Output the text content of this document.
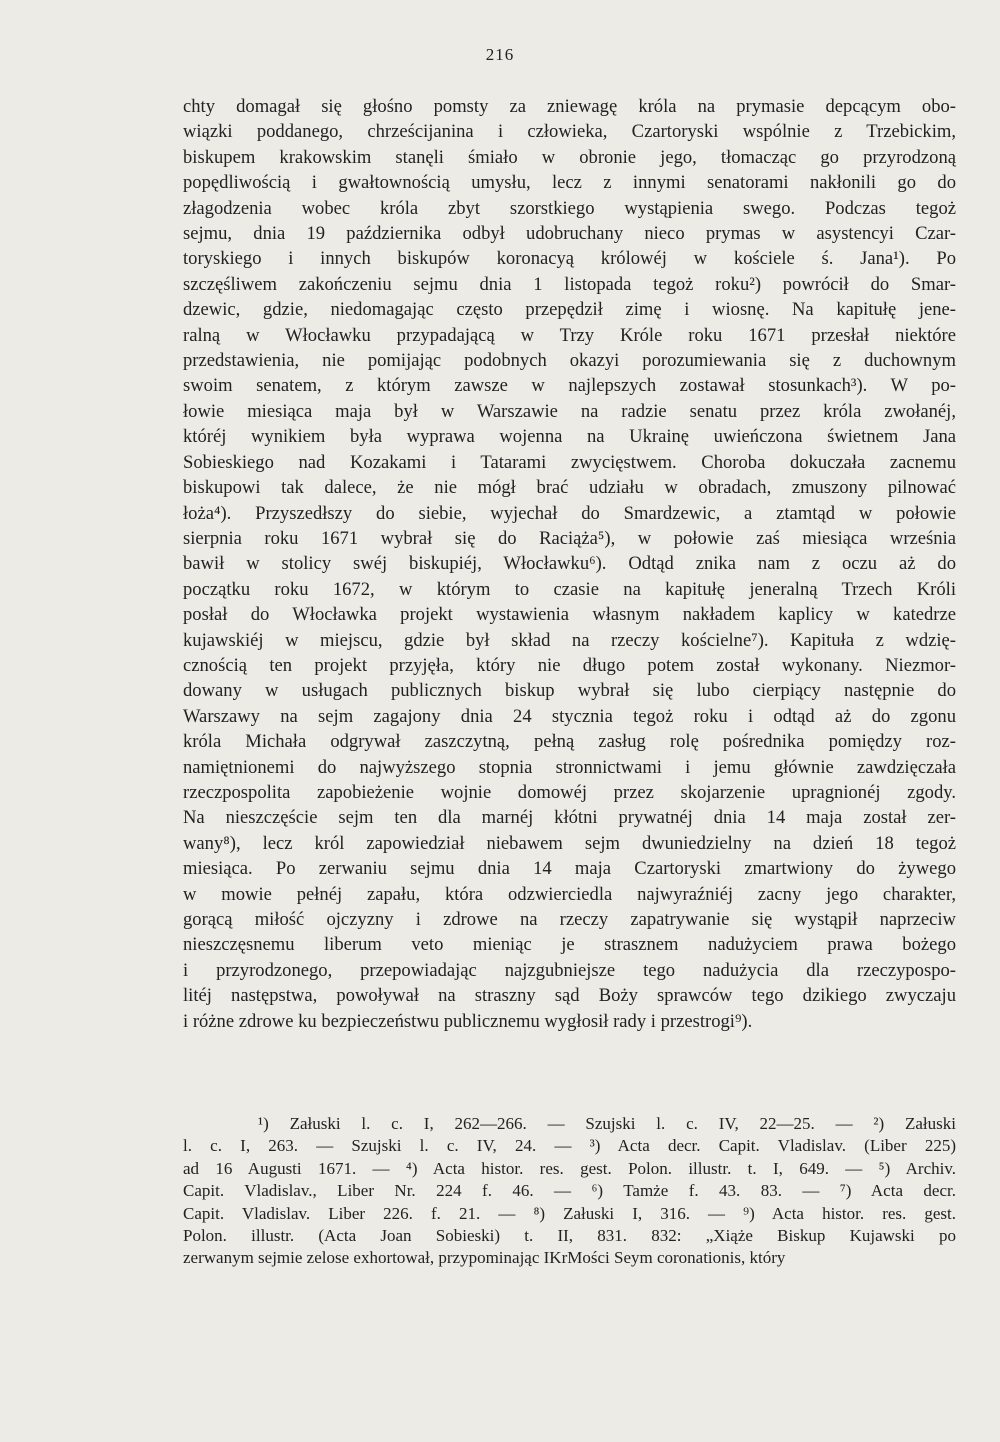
216
chty domagał się głośno pomsty za zniewagę króla na prymasie depcącym obo-
wiązki poddanego, chrześcijanina i człowieka, Czartoryski wspólnie z Trzebickim,
biskupem krakowskim stanęli śmiało w obronie jego, tłomacząc go przyrodzoną
popędliwością i gwałtownością umysłu, lecz z innymi senatorami nakłonili go do
złagodzenia wobec króla zbyt szorstkiego wystąpienia swego. Podczas tegoż
sejmu, dnia 19 października odbył udobruchany nieco prymas w asystencyi Czar-
toryskiego i innych biskupów koronacyą królowéj w kościele ś. Jana¹). Po
szczęśliwem zakończeniu sejmu dnia 1 listopada tegoż roku²) powrócił do Smar-
dzewic, gdzie, niedomagając często przepędził zimę i wiosnę. Na kapitułę jene-
ralną w Włocławku przypadającą w Trzy Króle roku 1671 przesłał niektóre
przedstawienia, nie pomijając podobnych okazyi porozumiewania się z duchownym
swoim senatem, z którym zawsze w najlepszych zostawał stosunkach³). W po-
łowie miesiąca maja był w Warszawie na radzie senatu przez króla zwołanéj,
któréj wynikiem była wyprawa wojenna na Ukrainę uwieńczona świetnem Jana
Sobieskiego nad Kozakami i Tatarami zwycięstwem. Choroba dokuczała zacnemu
biskupowi tak dalece, że nie mógł brać udziału w obradach, zmuszony pilnować
łoża⁴). Przyszedłszy do siebie, wyjechał do Smardzewic, a ztamtąd w połowie
sierpnia roku 1671 wybrał się do Raciąża⁵), w połowie zaś miesiąca września
bawił w stolicy swéj biskupiéj, Włocławku⁶). Odtąd znika nam z oczu aż do
początku roku 1672, w którym to czasie na kapitułę jeneralną Trzech Króli
posłał do Włocławka projekt wystawienia własnym nakładem kaplicy w katedrze
kujawskiéj w miejscu, gdzie był skład na rzeczy kościelne⁷). Kapituła z wdzię-
cznością ten projekt przyjęła, który nie długo potem został wykonany. Niezmor-
dowany w usługach publicznych biskup wybrał się lubo cierpiący następnie do
Warszawy na sejm zagajony dnia 24 stycznia tegoż roku i odtąd aż do zgonu
króla Michała odgrywał zaszczytną, pełną zasług rolę pośrednika pomiędzy roz-
namiętnionemi do najwyższego stopnia stronnictwami i jemu głównie zawdzięczała
rzeczpospolita zapobieżenie wojnie domowéj przez skojarzenie upragnionéj zgody.
Na nieszczęście sejm ten dla marnéj kłótni prywatnéj dnia 14 maja został zer-
wany⁸), lecz król zapowiedział niebawem sejm dwuniedzielny na dzień 18 tegoż
miesiąca. Po zerwaniu sejmu dnia 14 maja Czartoryski zmartwiony do żywego
w mowie pełnéj zapału, która odzwierciedla najwyraźniéj zacny jego charakter,
gorącą miłość ojczyzny i zdrowe na rzeczy zapatrywanie się wystąpił naprzeciw
nieszczęsnemu liberum veto mieniąc je strasznem nadużyciem prawa bożego
i przyrodzonego, przepowiadając najzgubniejsze tego nadużycia dla rzeczypospo-
litéj następstwa, powoływał na straszny sąd Boży sprawców tego dzikiego zwyczaju
i różne zdrowe ku bezpieczeństwu publicznemu wygłosił rady i przestrogi⁹).
¹) Załuski l. c. I, 262—266. — Szujski l. c. IV, 22—25. — ²) Załuski
l. c. I, 263. — Szujski l. c. IV, 24. — ³) Acta decr. Capit. Vladislav. (Liber 225)
ad 16 Augusti 1671. — ⁴) Acta histor. res. gest. Polon. illustr. t. I, 649. — ⁵) Archiv.
Capit. Vladislav., Liber Nr. 224 f. 46. — ⁶) Tamże f. 43. 83. — ⁷) Acta decr.
Capit. Vladislav. Liber 226. f. 21. — ⁸) Załuski I, 316. — ⁹) Acta histor. res. gest.
Polon. illustr. (Acta Joan Sobieski) t. II, 831. 832: „Xiąże Biskup Kujawski po
zerwanym sejmie zelose exhortował, przypominając IKrMości Seym coronationis, który
